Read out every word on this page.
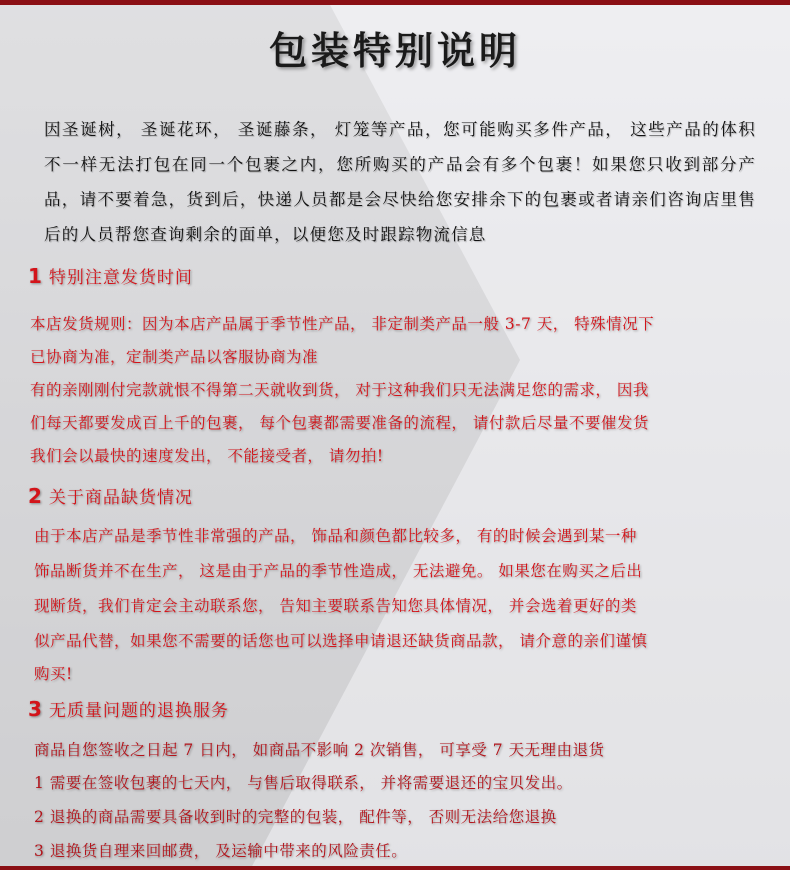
包装特别说明
因圣诞树， 圣诞花环， 圣诞藤条， 灯笼等产品，您可能购买多件产品， 这些产品的体积不一样无法打包在同一个包裹之内，您所购买的产品会有多个包裹！如果您只收到部分产品，请不要着急，货到后，快递人员都是会尽快给您安排余下的包裹或者请亲们咨询店里售后的人员帮您查询剩余的面单，以便您及时跟踪物流信息
1 特别注意发货时间
本店发货规则：因为本店产品属于季节性产品， 非定制类产品一般 3-7 天， 特殊情况下
已协商为准，定制类产品以客服协商为准
有的亲刚刚付完款就恨不得第二天就收到货， 对于这种我们只无法满足您的需求， 因我
们每天都要发成百上千的包裹， 每个包裹都需要准备的流程， 请付款后尽量不要催发货
我们会以最快的速度发出， 不能接受者， 请勿拍!
2 关于商品缺货情况
由于本店产品是季节性非常强的产品， 饰品和颜色都比较多， 有的时候会遇到某一种
饰品断货并不在生产， 这是由于产品的季节性造成， 无法避免。 如果您在购买之后出
现断货，我们肯定会主动联系您， 告知主要联系告知您具体情况， 并会选着更好的类
似产品代替，如果您不需要的话您也可以选择申请退还缺货商品款， 请介意的亲们谨慎
购买!
3 无质量问题的退换服务
商品自您签收之日起 7 日内， 如商品不影响 2 次销售， 可享受 7 天无理由退货
1 需要在签收包裹的七天内， 与售后取得联系， 并将需要退还的宝贝发出。
2 退换的商品需要具备收到时的完整的包装， 配件等， 否则无法给您退换
3 退换货自理来回邮费， 及运输中带来的风险责任。
